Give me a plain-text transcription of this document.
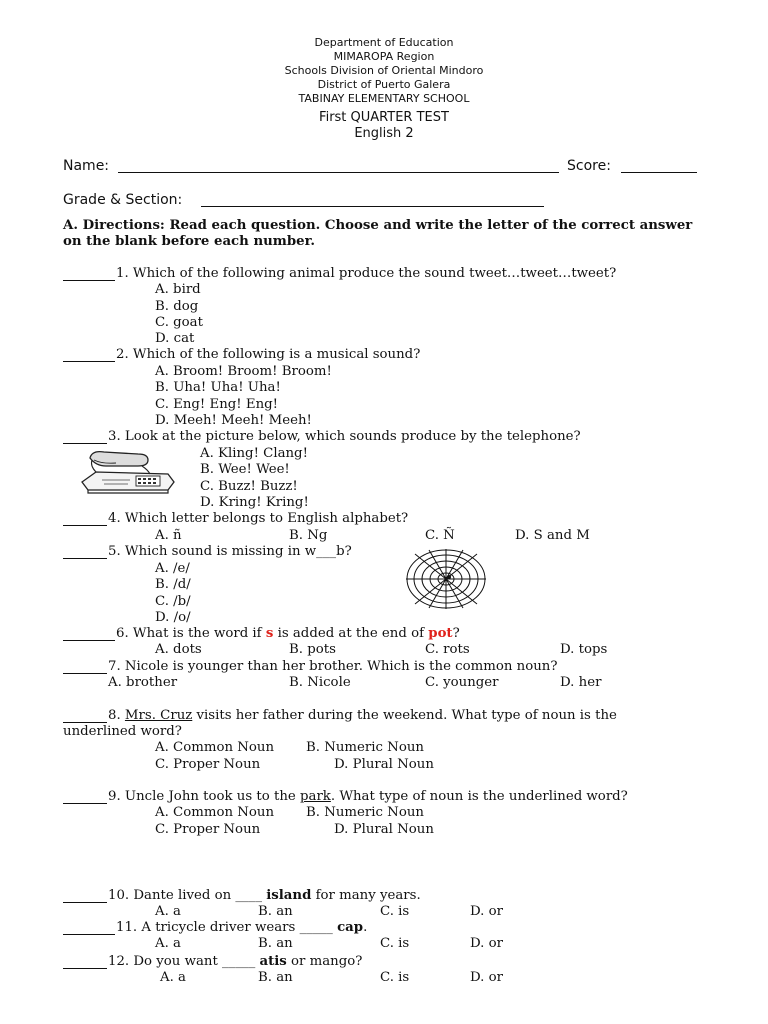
Department of Education
MIMAROPA Region
Schools Division of Oriental Mindoro
District of Puerto Galera
TABINAY ELEMENTARY SCHOOL
First QUARTER TEST
English 2
Name:	Score:
Grade & Section:
A. Directions: Read each question. Choose and write the letter of the correct answer
on the blank before each number.
1. Which of the following animal produce the sound tweet…tweet…tweet?
A. bird
B. dog
C. goat
D. cat
2. Which of the following is a musical sound?
A. Broom! Broom! Broom!
B. Uha! Uha! Uha!
C. Eng! Eng! Eng!
D. Meeh! Meeh! Meeh!
3. Look at the picture below, which sounds produce by the telephone?
A. Kling! Clang!
B. Wee! Wee!
C. Buzz! Buzz!
D. Kring! Kring!
4. Which letter belongs to English alphabet?
A. ñ	B. Ng	C. Ñ	D. S and M
5. Which sound is missing in w___b?
A. /e/
B. /d/
C. /b/
D. /o/
6. What is the word if s is added at the end of pot?
A. dots	B. pots	C. rots	D. tops
7. Nicole is younger than her brother. Which is the common noun?
A. brother	B. Nicole	C. younger	D. her
8. Mrs. Cruz visits her father during the weekend. What type of noun is the
underlined word?
A. Common Noun B. Numeric Noun
C. Proper Noun	D. Plural Noun
9. Uncle John took us to the park. What type of noun is the underlined word?
A. Common Noun B. Numeric Noun
C. Proper Noun	D. Plural Noun
10. Dante lived on ____ island for many years.
A. a	B. an	C. is	D. or
11. A tricycle driver wears _____ cap.
A. a	B. an	C. is	D. or
12. Do you want _____ atis or mango?
A. a	B. an	C. is	D. or
